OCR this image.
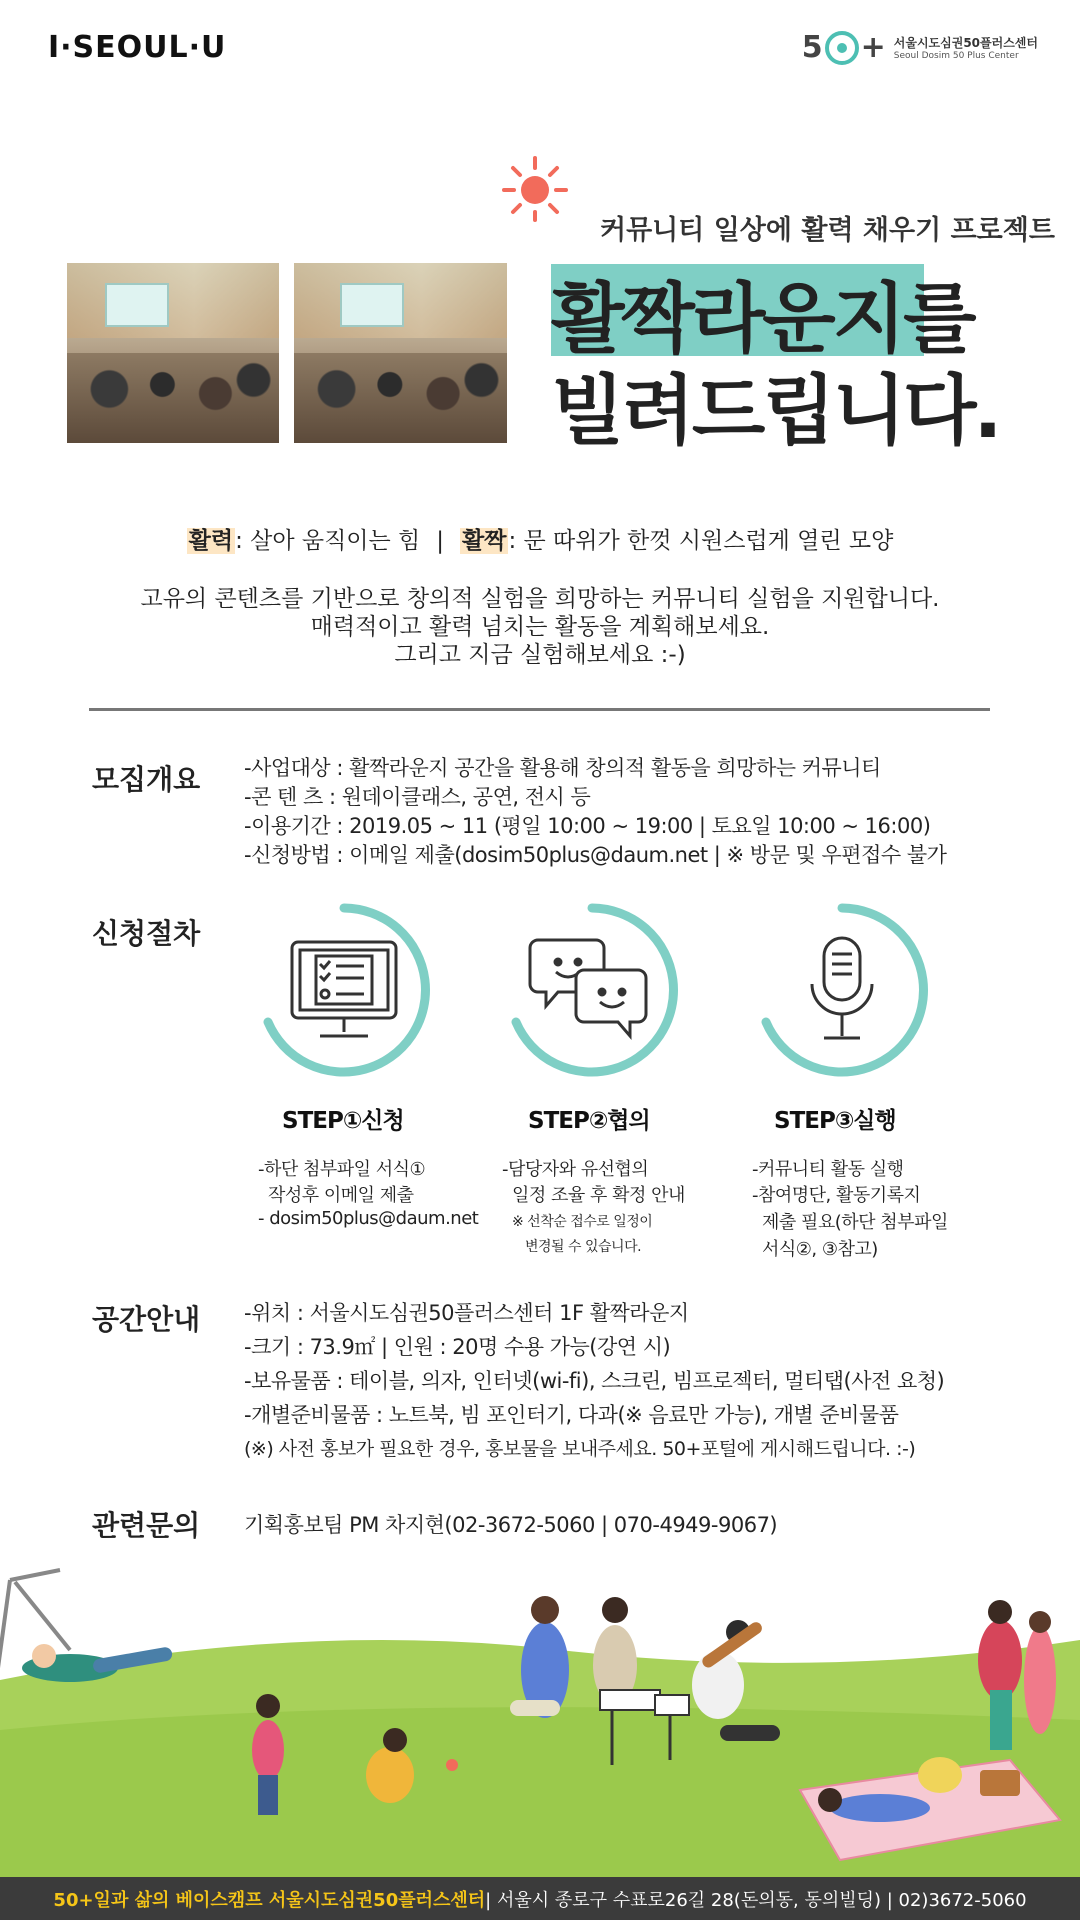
I·SEOUL·U	5 + 서울시도심권50플러스센터
Seoul Dosim 50 Plus Center
커뮤니티 일상에 활력 채우기 프로젝트
활짝라운지를
빌려드립니다.
활력: 살아 움직이는 힘 | 활짝: 문 따위가 한껏 시원스럽게 열린 모양
고유의 콘텐츠를 기반으로 창의적 실험을 희망하는 커뮤니티 실험을 지원합니다.
매력적이고 활력 넘치는 활동을 계획해보세요.
그리고 지금 실험해보세요 :-)
모집개요 -사업대상 : 활짝라운지 공간을 활용해 창의적 활동을 희망하는 커뮤니티
-콘 텐 츠 : 원데이클래스, 공연, 전시 등
-이용기간 : 2019.05 ~ 11 (평일 10:00 ~ 19:00 | 토요일 10:00 ~ 16:00)
-신청방법 : 이메일 제출(dosim50plus@daum.net | ※ 방문 및 우편접수 불가
신청절차
STEP①신청
-하단 첨부파일 서식①
작성후 이메일 제출
- dosim50plus@daum.net
STEP②협의
-담당자와 유선협의
일정 조율 후 확정 안내
※ 선착순 접수로 일정이
변경될 수 있습니다.
STEP③실행
-커뮤니티 활동 실행
-참여명단, 활동기록지
제출 필요(하단 첨부파일
서식②, ③참고)
공간안내 -위치 : 서울시도심권50플러스센터 1F 활짝라운지
-크기 : 73.9㎡ | 인원 : 20명 수용 가능(강연 시)
-보유물품 : 테이블, 의자, 인터넷(wi-fi), 스크린, 빔프로젝터, 멀티탭(사전 요청)
-개별준비물품 : 노트북, 빔 포인터기, 다과(※ 음료만 가능), 개별 준비물품
(※) 사전 홍보가 필요한 경우, 홍보물을 보내주세요. 50+포털에 게시해드립니다. :-)
관련문의 기획홍보팀 PM 차지현(02-3672-5060 | 070-4949-9067)
50+일과 삶의 베이스캠프 서울시도심권50플러스센터 | 서울시 종로구 수표로26길 28(돈의동, 동의빌딩) | 02)3672-5060
